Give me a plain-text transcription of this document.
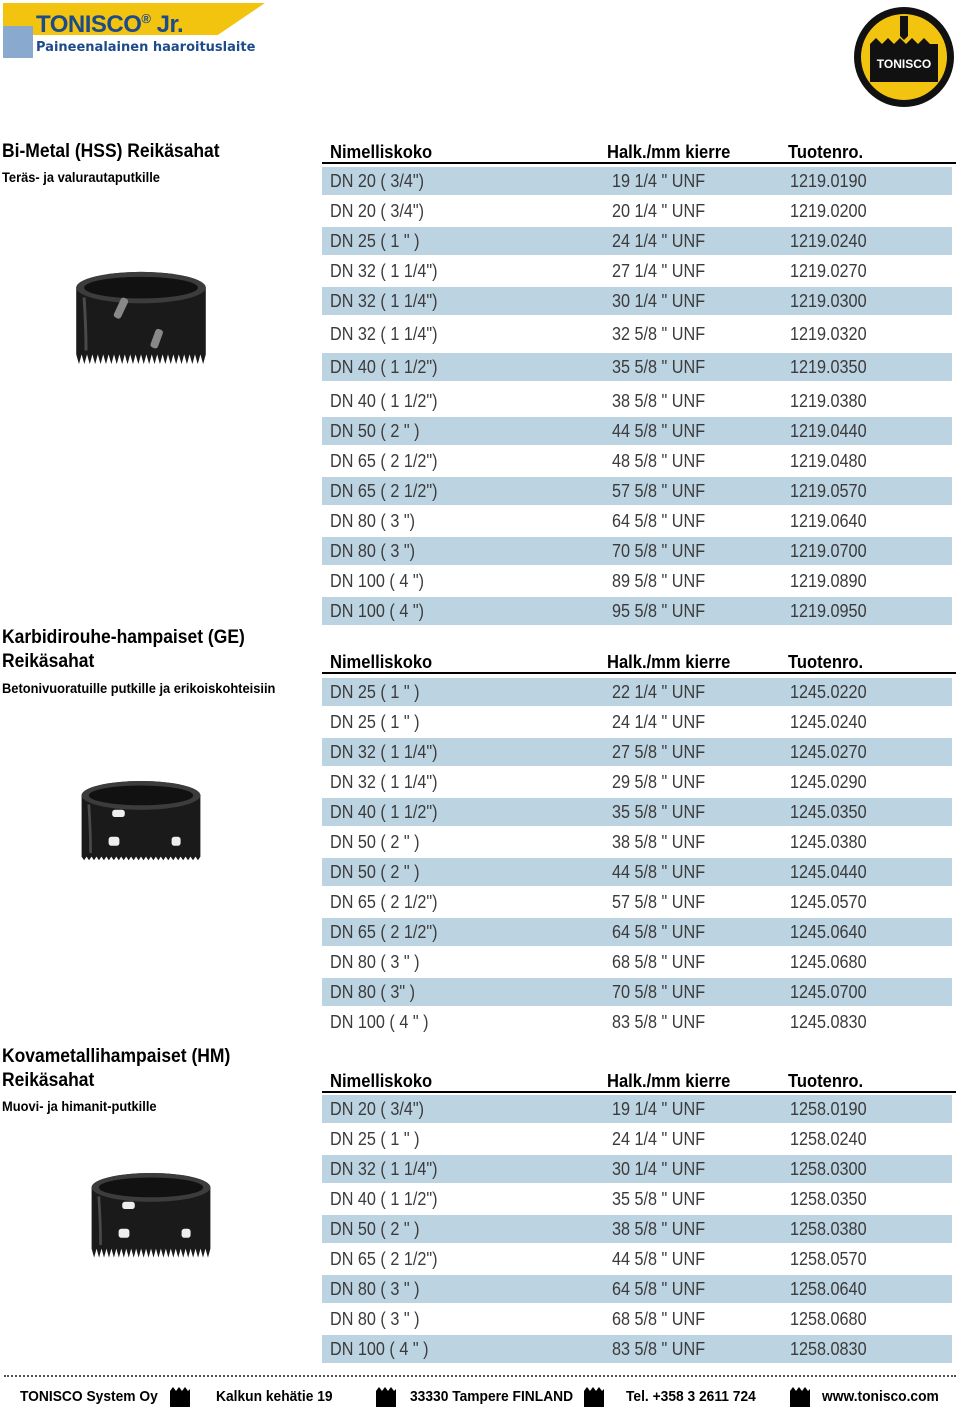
TONISCO® Jr.
Paineenalainen haaroituslaite
TONISCO
Bi-Metal (HSS) Reikäsahat
Teräs- ja valurautaputkille
Nimelliskoko	Halk./mm kierre	Tuotenro.
DN 20 ( 3/4")	19 1/4 " UNF	1219.0190
DN 20 ( 3/4")	20 1/4 " UNF	1219.0200
DN 25 ( 1 " )	24 1/4 " UNF	1219.0240
DN 32 ( 1 1/4")	27 1/4 " UNF	1219.0270
DN 32 ( 1 1/4")	30 1/4 " UNF	1219.0300
DN 32 ( 1 1/4")	32 5/8 " UNF	1219.0320
DN 40 ( 1 1/2")	35 5/8 " UNF	1219.0350
DN 40 ( 1 1/2")	38 5/8 " UNF	1219.0380
DN 50 ( 2 " )	44 5/8 " UNF	1219.0440
DN 65 ( 2 1/2")	48 5/8 " UNF	1219.0480
DN 65 ( 2 1/2")	57 5/8 " UNF	1219.0570
DN 80 ( 3 ")	64 5/8 " UNF	1219.0640
DN 80 ( 3 ")	70 5/8 " UNF	1219.0700
DN 100 ( 4 ")	89 5/8 " UNF	1219.0890
DN 100 ( 4 ")	95 5/8 " UNF	1219.0950
Karbidirouhe-hampaiset (GE)
Reikäsahat
Betonivuoratuille putkille ja erikoiskohteisiin
Nimelliskoko	Halk./mm kierre	Tuotenro.
DN 25 ( 1 " )	22 1/4 " UNF	1245.0220
DN 25 ( 1 " )	24 1/4 " UNF	1245.0240
DN 32 ( 1 1/4")	27 5/8 " UNF	1245.0270
DN 32 ( 1 1/4")	29 5/8 " UNF	1245.0290
DN 40 ( 1 1/2")	35 5/8 " UNF	1245.0350
DN 50 ( 2 " )	38 5/8 " UNF	1245.0380
DN 50 ( 2 " )	44 5/8 " UNF	1245.0440
DN 65 ( 2 1/2")	57 5/8 " UNF	1245.0570
DN 65 ( 2 1/2")	64 5/8 " UNF	1245.0640
DN 80 ( 3 " )	68 5/8 " UNF	1245.0680
DN 80 ( 3" )	70 5/8 " UNF	1245.0700
DN 100 ( 4 " )	83 5/8 " UNF	1245.0830
Kovametallihampaiset (HM)
Reikäsahat
Muovi- ja himanit-putkille
Nimelliskoko	Halk./mm kierre	Tuotenro.
DN 20 ( 3/4")	19 1/4 " UNF	1258.0190
DN 25 ( 1 " )	24 1/4 " UNF	1258.0240
DN 32 ( 1 1/4")	30 1/4 " UNF	1258.0300
DN 40 ( 1 1/2")	35 5/8 " UNF	1258.0350
DN 50 ( 2 " )	38 5/8 " UNF	1258.0380
DN 65 ( 2 1/2")	44 5/8 " UNF	1258.0570
DN 80 ( 3 " )	64 5/8 " UNF	1258.0640
DN 80 ( 3 " )	68 5/8 " UNF	1258.0680
DN 100 ( 4 " )	83 5/8 " UNF	1258.0830
TONISCO System Oy	Kalkun kehätie 19	33330 Tampere FINLAND	Tel. +358 3 2611 724	www.tonisco.com
